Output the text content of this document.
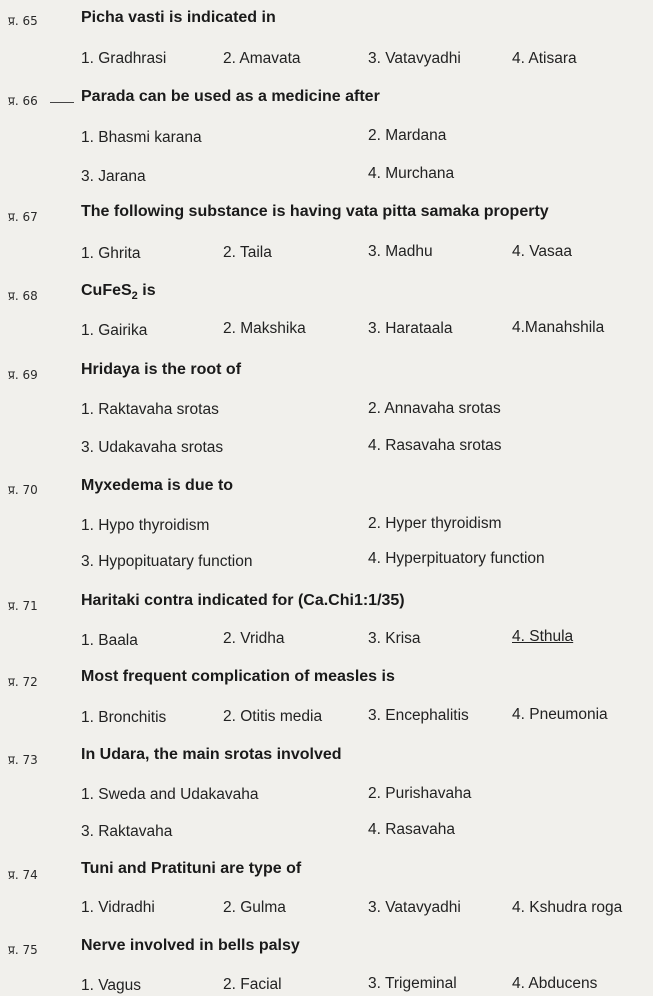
प्र. 65	Picha vasti is indicated in
1. Gradhrasi	2. Amavata	3. Vatavyadhi	4. Atisara
प्र. 66	Parada can be used as a medicine after
1. Bhasmi karana	2. Mardana
3. Jarana	4. Murchana
प्र. 67	The following substance is having vata pitta samaka property
1. Ghrita	2. Taila	3. Madhu	4. Vasaa
प्र. 68	CuFeS$_2$ is
1. Gairika	2. Makshika	3. Harataala	4.Manahshila
प्र. 69	Hridaya is the root of
1. Raktavaha srotas	2. Annavaha srotas
3. Udakavaha srotas	4. Rasavaha srotas
प्र. 70	Myxedema is due to
1. Hypo thyroidism	2. Hyper thyroidism
3. Hypopituatary function	4. Hyperpituatory function
प्र. 71	Haritaki contra indicated for (Ca.Chi1:1/35)
1. Baala	2. Vridha	3. Krisa	4. Sthula
प्र. 72	Most frequent complication of measles is
1. Bronchitis	2. Otitis media	3. Encephalitis	4. Pneumonia
प्र. 73	In Udara, the main srotas involved
1. Sweda and Udakavaha	2. Purishavaha
3. Raktavaha	4. Rasavaha
प्र. 74	Tuni and Pratituni are type of
1. Vidradhi	2. Gulma	3. Vatavyadhi	4. Kshudra roga
प्र. 75	Nerve involved in bells palsy
1. Vagus	2. Facial	3. Trigeminal	4. Abducens
